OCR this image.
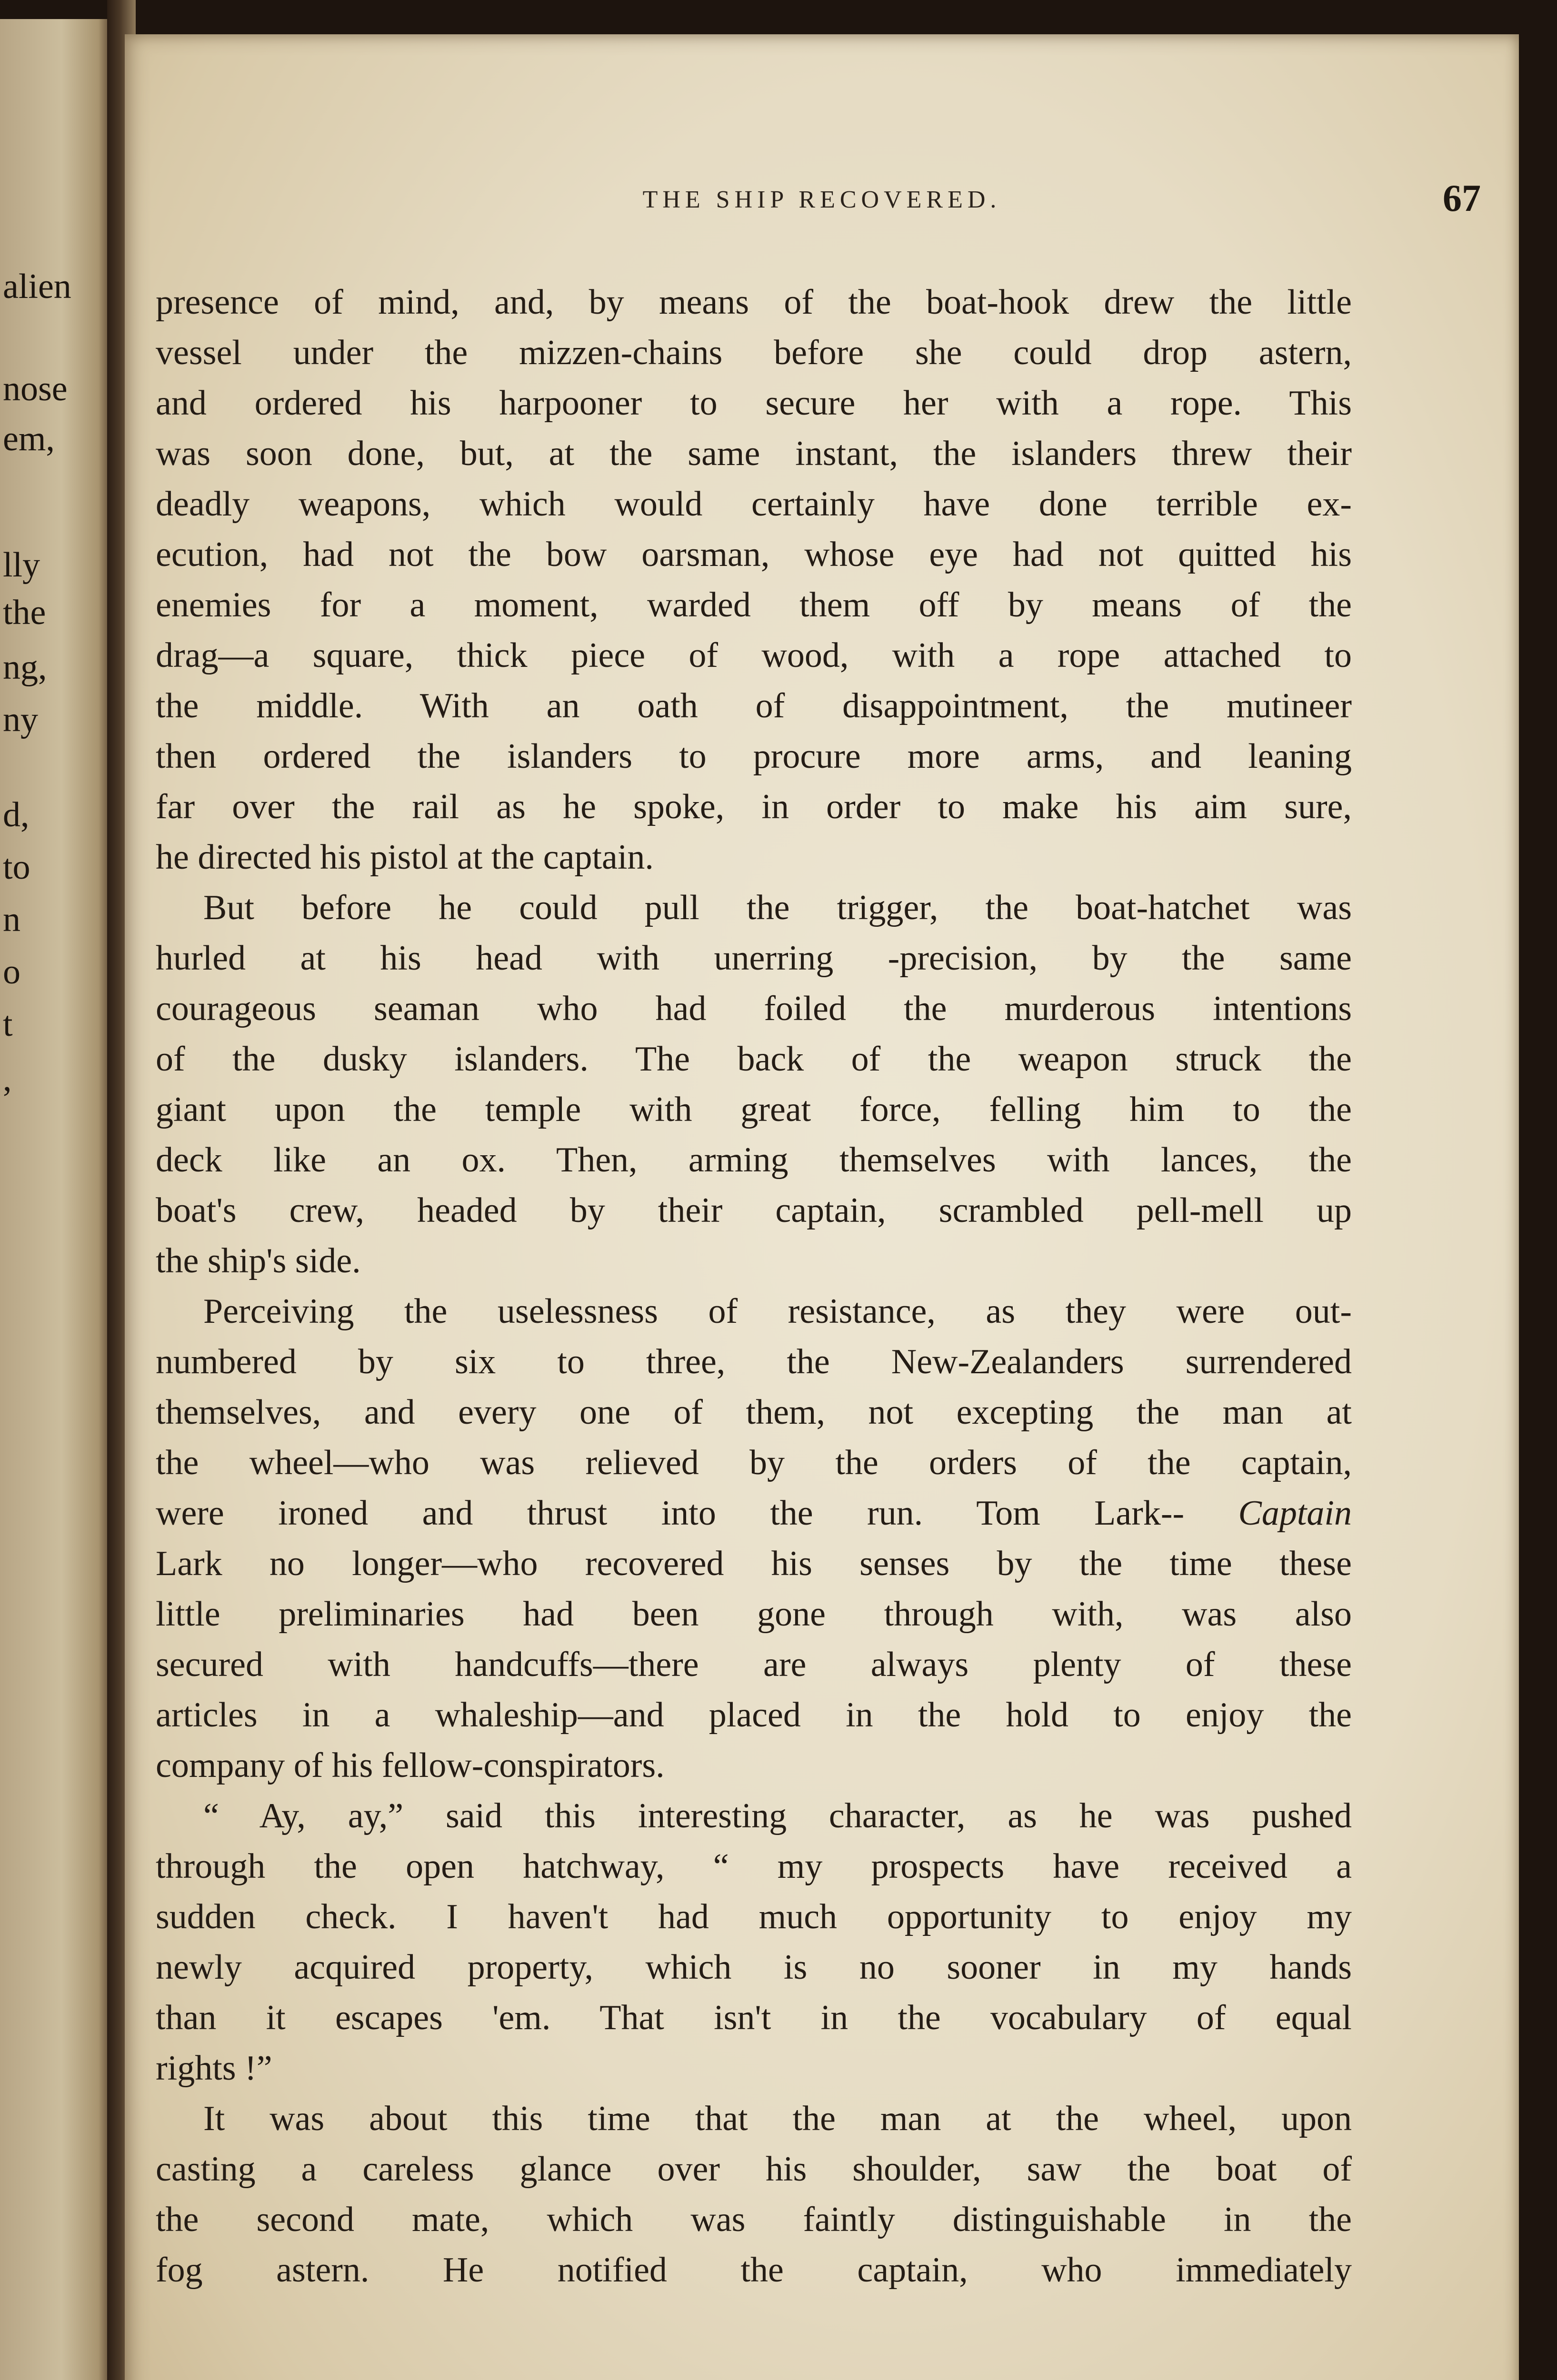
alien
nose
em,
lly
the
ng,
ny
d,
to
n
o
t
,
THE SHIP RECOVERED.	67
presence of mind, and, by means of the boat-hook drew the little
vessel under the mizzen-chains before she could drop astern,
and ordered his harpooner to secure her with a rope. This
was soon done, but, at the same instant, the islanders threw their
deadly weapons, which would certainly have done terrible ex-
ecution, had not the bow oarsman, whose eye had not quitted his
enemies for a moment, warded them off by means of the
drag—a square, thick piece of wood, with a rope attached to
the middle. With an oath of disappointment, the mutineer
then ordered the islanders to procure more arms, and leaning
far over the rail as he spoke, in order to make his aim sure,
he directed his pistol at the captain.
But before he could pull the trigger, the boat-hatchet was
hurled at his head with unerring -precision, by the same
courageous seaman who had foiled the murderous intentions
of the dusky islanders. The back of the weapon struck the
giant upon the temple with great force, felling him to the
deck like an ox. Then, arming themselves with lances, the
boat's crew, headed by their captain, scrambled pell-mell up
the ship's side.
Perceiving the uselessness of resistance, as they were out-
numbered by six to three, the New-Zealanders surrendered
themselves, and every one of them, not excepting the man at
the wheel—who was relieved by the orders of the captain,
were ironed and thrust into the run. Tom Lark-- Captain
Lark no longer—who recovered his senses by the time these
little preliminaries had been gone through with, was also
secured with handcuffs—there are always plenty of these
articles in a whaleship—and placed in the hold to enjoy the
company of his fellow-conspirators.
“ Ay, ay,” said this interesting character, as he was pushed
through the open hatchway, “ my prospects have received a
sudden check. I haven't had much opportunity to enjoy my
newly acquired property, which is no sooner in my hands
than it escapes 'em. That isn't in the vocabulary of equal
rights !”
It was about this time that the man at the wheel, upon
casting a careless glance over his shoulder, saw the boat of
the second mate, which was faintly distinguishable in the
fog astern. He notified the captain, who immediately
